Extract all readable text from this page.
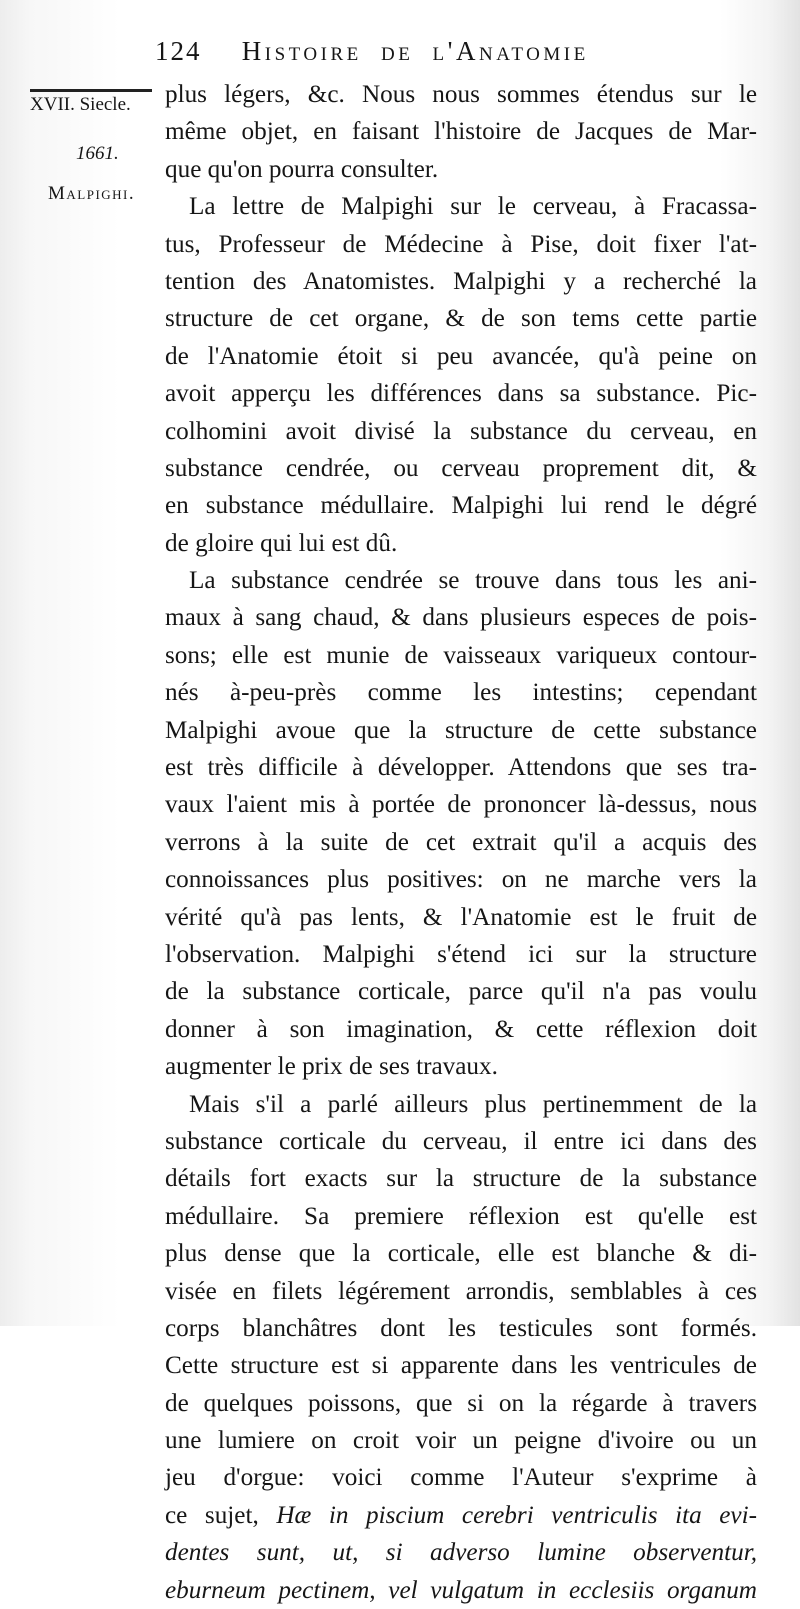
124 Histoire de l'Anatomie
XVII. Siecle.
1661.
Malpighi.
plus légers, &c. Nous nous sommes étendus sur le
même objet, en faisant l'histoire de Jacques de Mar-
que qu'on pourra consulter.
La lettre de Malpighi sur le cerveau, à Fracassa-
tus, Professeur de Médecine à Pise, doit fixer l'at-
tention des Anatomistes. Malpighi y a recherché la
structure de cet organe, & de son tems cette partie
de l'Anatomie étoit si peu avancée, qu'à peine on
avoit apperçu les différences dans sa substance. Pic-
colhomini avoit divisé la substance du cerveau, en
substance cendrée, ou cerveau proprement dit, &
en substance médullaire. Malpighi lui rend le dégré
de gloire qui lui est dû.
La substance cendrée se trouve dans tous les ani-
maux à sang chaud, & dans plusieurs especes de pois-
sons; elle est munie de vaisseaux variqueux contour-
nés à-peu-près comme les intestins; cependant
Malpighi avoue que la structure de cette substance
est très difficile à développer. Attendons que ses tra-
vaux l'aient mis à portée de prononcer là-dessus, nous
verrons à la suite de cet extrait qu'il a acquis des
connoissances plus positives: on ne marche vers la
vérité qu'à pas lents, & l'Anatomie est le fruit de
l'observation. Malpighi s'étend ici sur la structure
de la substance corticale, parce qu'il n'a pas voulu
donner à son imagination, & cette réflexion doit
augmenter le prix de ses travaux.
Mais s'il a parlé ailleurs plus pertinemment de la
substance corticale du cerveau, il entre ici dans des
détails fort exacts sur la structure de la substance
médullaire. Sa premiere réflexion est qu'elle est
plus dense que la corticale, elle est blanche & di-
visée en filets légérement arrondis, semblables à ces
corps blanchâtres dont les testicules sont formés.
Cette structure est si apparente dans les ventricules de
de quelques poissons, que si on la régarde à travers
une lumiere on croit voir un peigne d'ivoire ou un
jeu d'orgue: voici comme l'Auteur s'exprime à
ce sujet, Hæ in piscium cerebri ventriculis ita evi-
dentes sunt, ut, si adverso lumine observentur,
eburneum pectinem, vel vulgatum in ecclesiis organum
